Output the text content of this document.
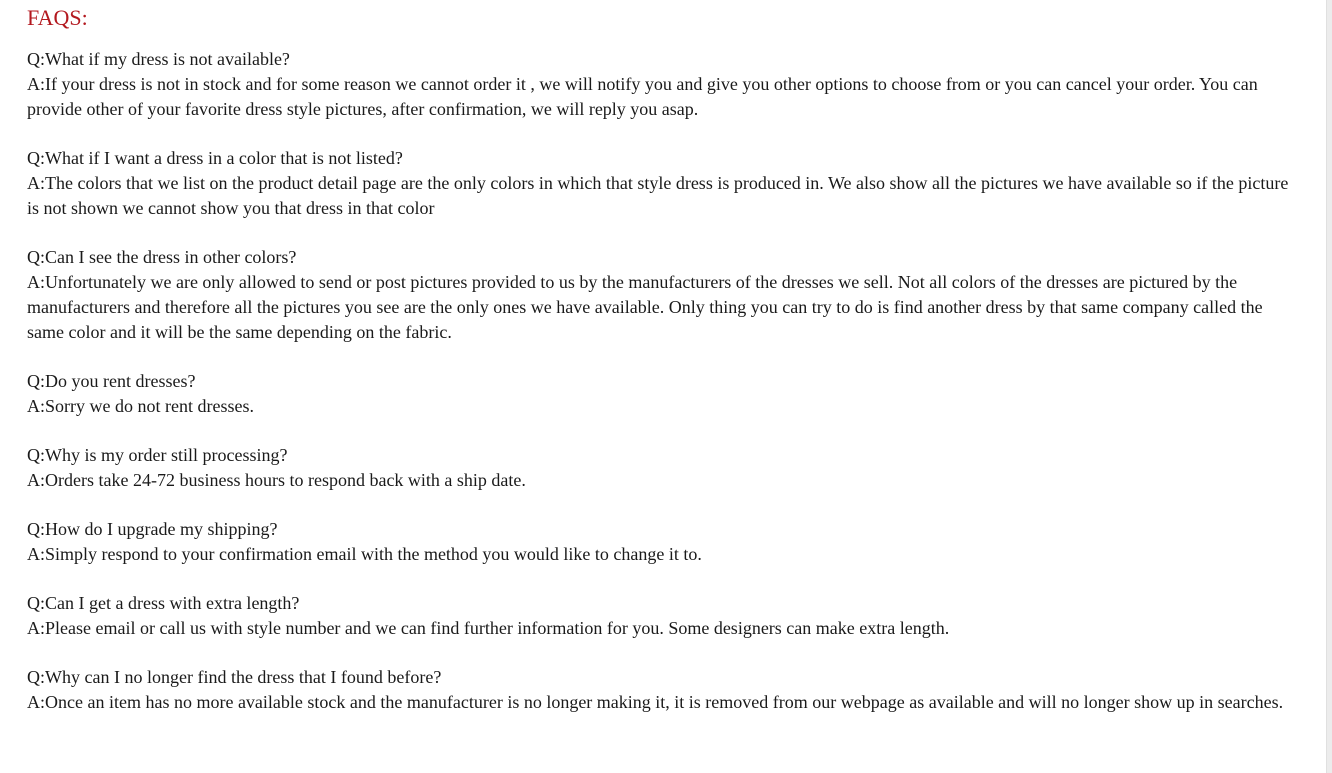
FAQS:

Q:What if my dress is not available?

A:If your dress is not in stock and for some reason we cannot order it , we will notify you and give you other options to choose from or you can cancel your order. You can provide other of your favorite dress style pictures, after confirmation, we will reply you asap.

Q:What if I want a dress in a color that is not listed?

A:The colors that we list on the product detail page are the only colors in which that style dress is produced in. We also show all the pictures we have available so if the picture is not shown we cannot show you that dress in that color

Q:Can I see the dress in other colors?

A:Unfortunately we are only allowed to send or post pictures provided to us by the manufacturers of the dresses we sell. Not all colors of the dresses are pictured by the manufacturers and therefore all the pictures you see are the only ones we have available. Only thing you can try to do is find another dress by that same company called the same color and it will be the same depending on the fabric.

Q:Do you rent dresses?

A:Sorry we do not rent dresses.

Q:Why is my order still processing?

A:Orders take 24-72 business hours to respond back with a ship date.

Q:How do I upgrade my shipping?

A:Simply respond to your confirmation email with the method you would like to change it to.

Q:Can I get a dress with extra length?

A:Please email or call us with style number and we can find further information for you. Some designers can make extra length.

Q:Why can I no longer find the dress that I found before?

A:Once an item has no more available stock and the manufacturer is no longer making it, it is removed from our webpage as available and will no longer show up in searches.
